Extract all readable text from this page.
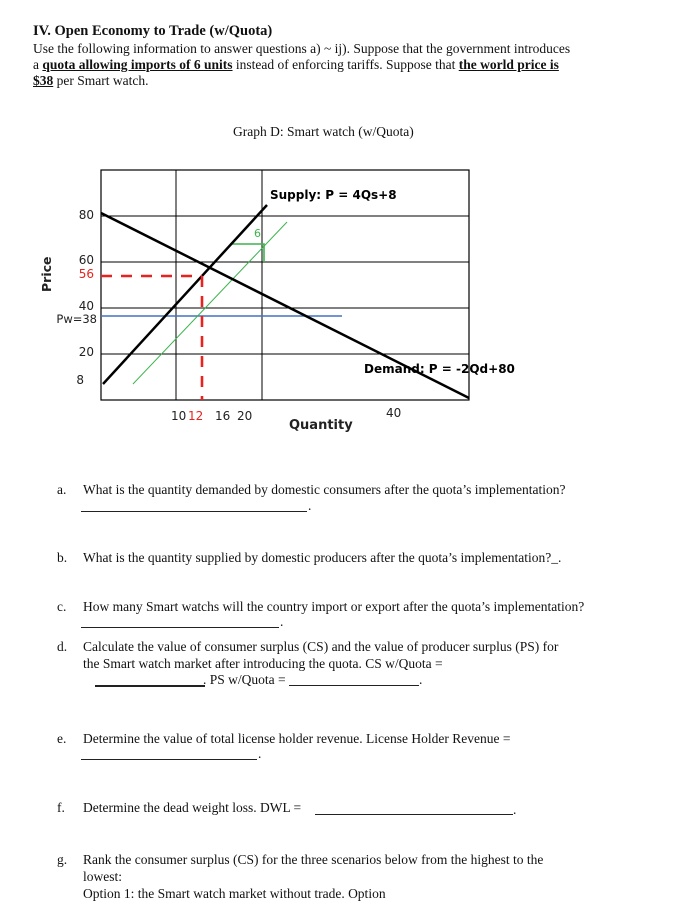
IV. Open Economy to Trade (w/Quota)
Use the following information to answer questions a) ~ ij). Suppose that the government introduces
a quota allowing imports of 6 units instead of enforcing tariffs. Suppose that the world price is
$38 per Smart watch.
Graph D: Smart watch (w/Quota)
6
Supply: P = 4Qs+8
Demand: P = -2Qd+80
80
60
56
40
Pw=38
20
8
10 12 16 20	40
Quantity
Price
a. What is the quantity demanded by domestic consumers after the quota’s implementation?
.
b. What is the quantity supplied by domestic producers after the quota’s implementation?_.
c. How many Smart watchs will the country import or export after the quota’s implementation?
.
d. Calculate the value of consumer surplus (CS) and the value of producer surplus (PS) for
the Smart watch market after introducing the quota. CS w/Quota =
. PS w/Quota =	.
e. Determine the value of total license holder revenue. License Holder Revenue =
.
f. Determine the dead weight loss. DWL =	.
g. Rank the consumer surplus (CS) for the three scenarios below from the highest to the
lowest:
Option 1: the Smart watch market without trade. Option
